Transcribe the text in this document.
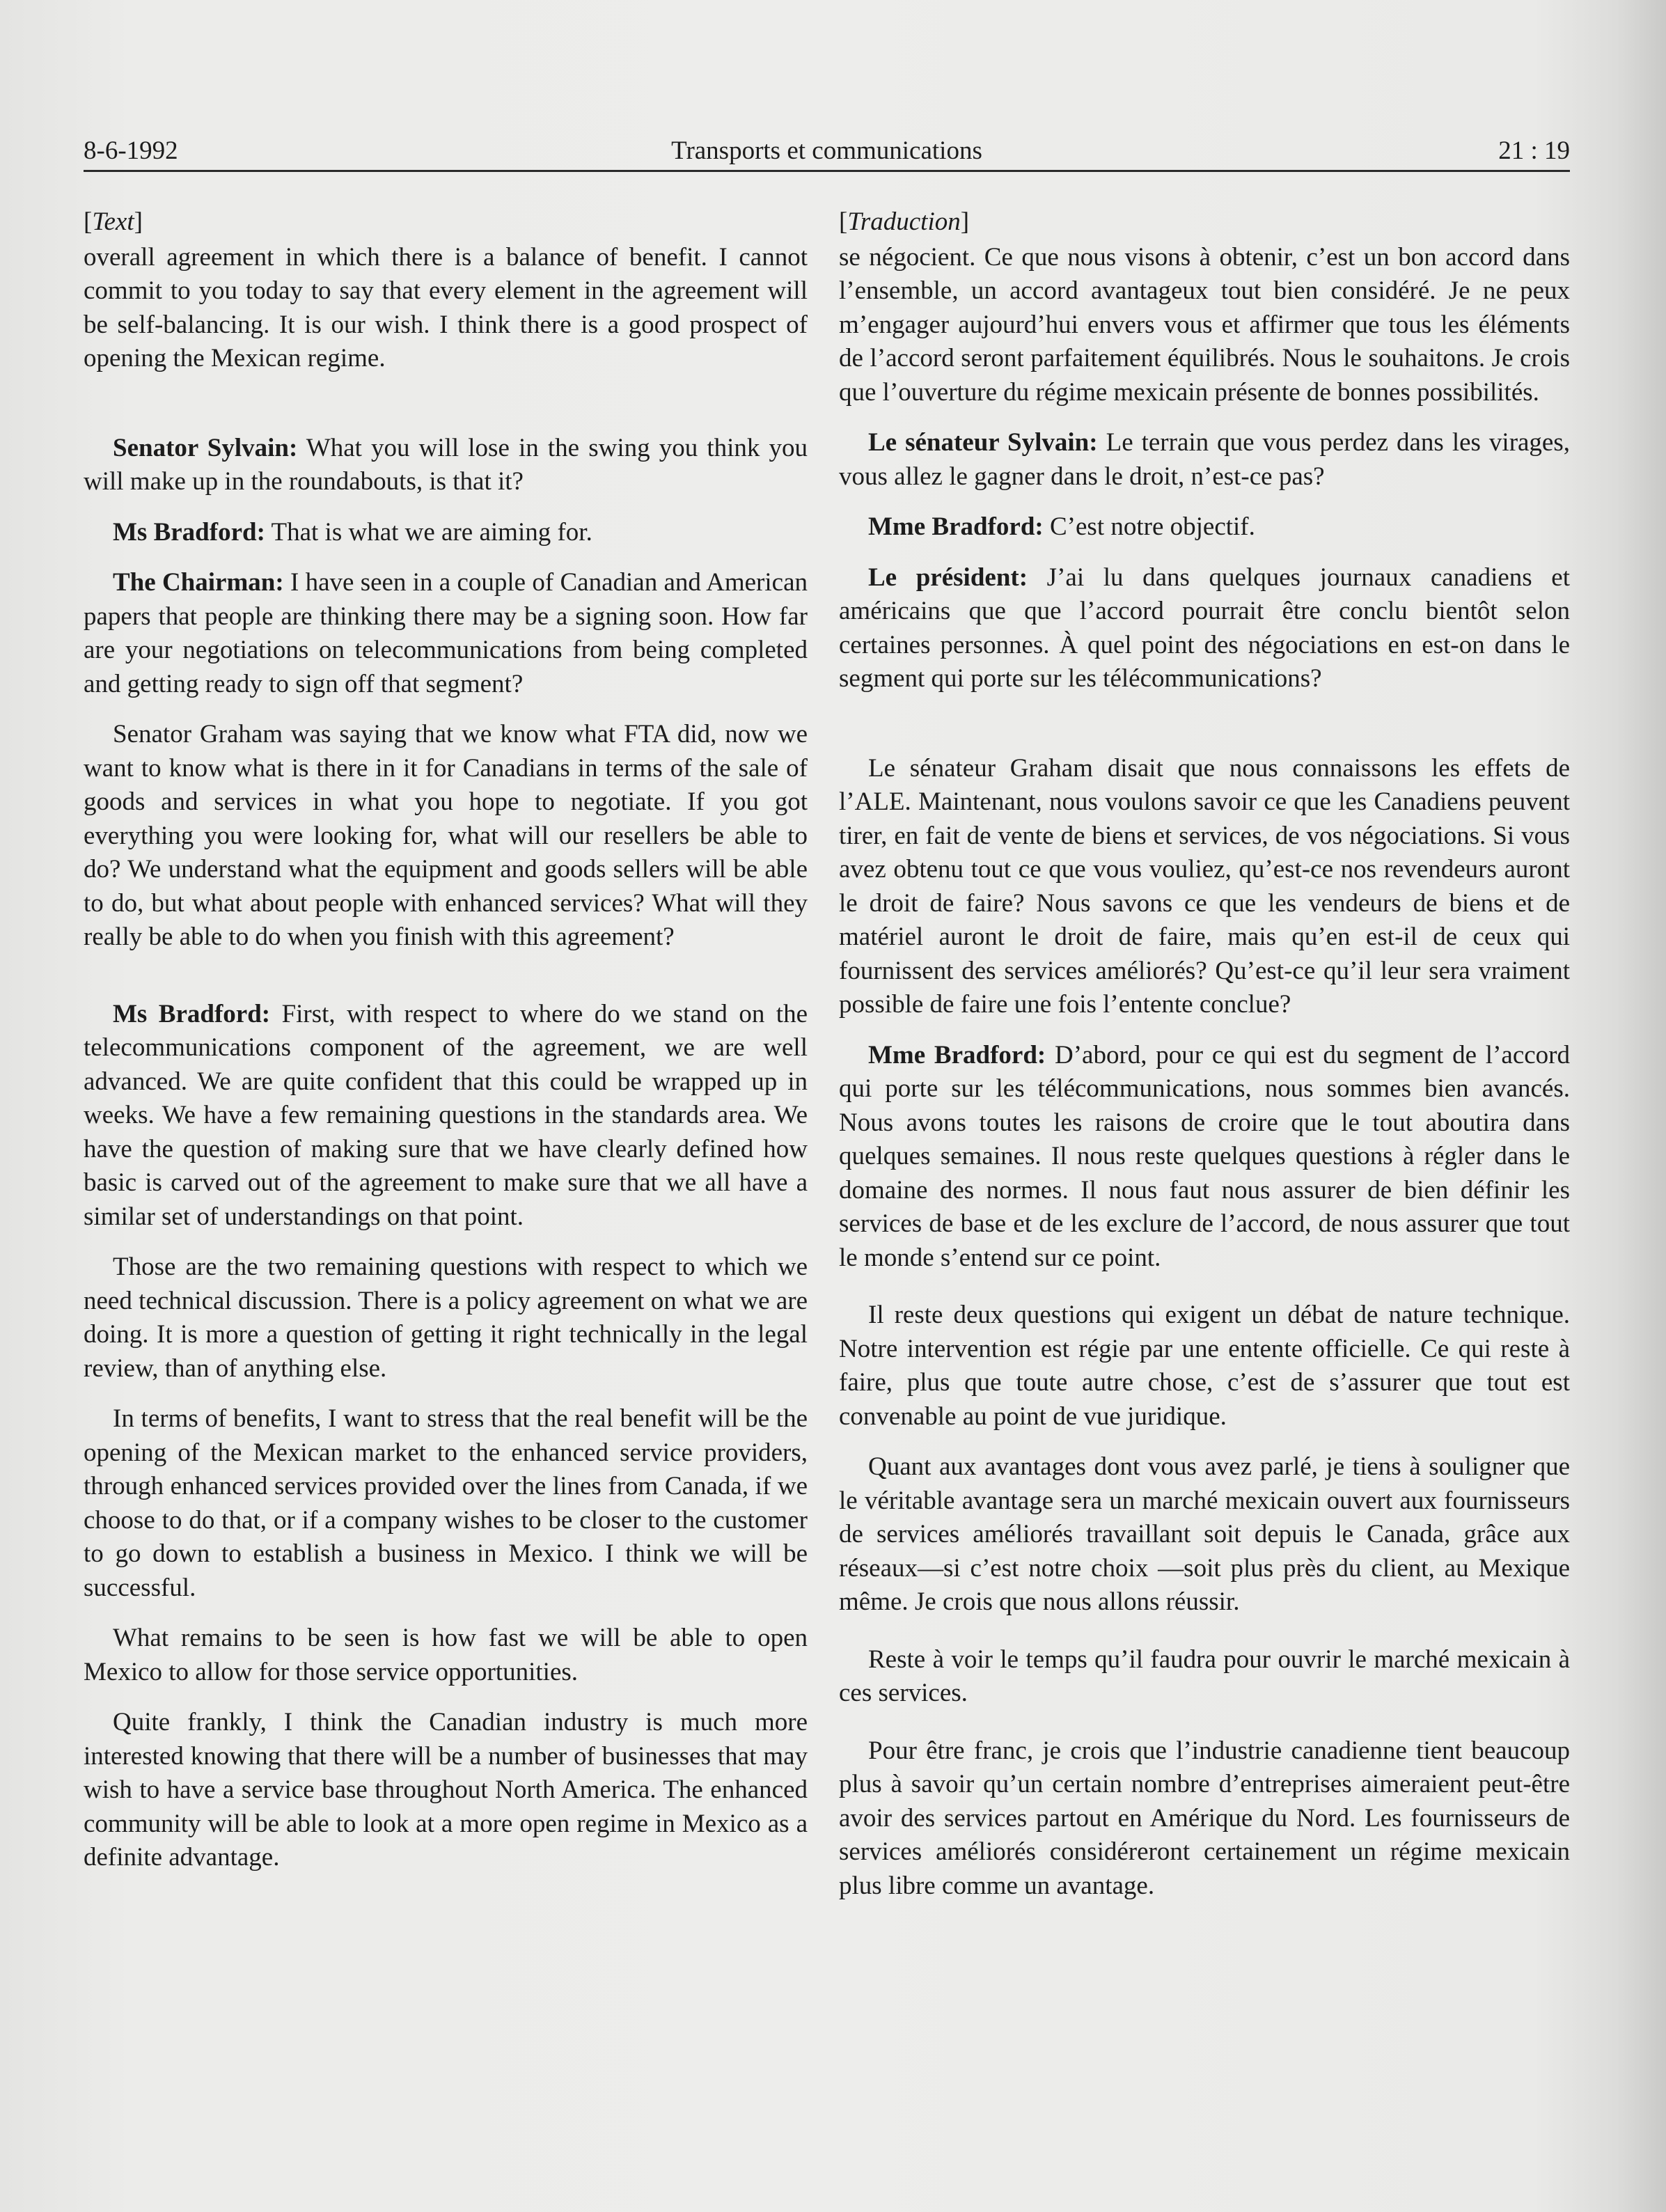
8-6-1992	Transports et communications	21 : 19

[Text]

overall agreement in which there is a balance of benefit. I cannot commit to you today to say that every element in the agreement will be self-balancing. It is our wish. I think there is a good prospect of opening the Mexican regime.

Senator Sylvain: What you will lose in the swing you think you will make up in the roundabouts, is that it?

Ms Bradford: That is what we are aiming for.

The Chairman: I have seen in a couple of Canadian and American papers that people are thinking there may be a signing soon. How far are your negotiations on telecommunications from being completed and getting ready to sign off that segment?

Senator Graham was saying that we know what FTA did, now we want to know what is there in it for Canadians in terms of the sale of goods and services in what you hope to negotiate. If you got everything you were looking for, what will our resellers be able to do? We understand what the equipment and goods sellers will be able to do, but what about people with enhanced services? What will they really be able to do when you finish with this agreement?

Ms Bradford: First, with respect to where do we stand on the telecommunications component of the agreement, we are well advanced. We are quite confident that this could be wrapped up in weeks. We have a few remaining questions in the standards area. We have the question of making sure that we have clearly defined how basic is carved out of the agreement to make sure that we all have a similar set of understandings on that point.

Those are the two remaining questions with respect to which we need technical discussion. There is a policy agreement on what we are doing. It is more a question of getting it right technically in the legal review, than of anything else.

In terms of benefits, I want to stress that the real benefit will be the opening of the Mexican market to the enhanced service providers, through enhanced services provided over the lines from Canada, if we choose to do that, or if a company wishes to be closer to the customer to go down to establish a business in Mexico. I think we will be successful.

What remains to be seen is how fast we will be able to open Mexico to allow for those service opportunities.

Quite frankly, I think the Canadian industry is much more interested knowing that there will be a number of businesses that may wish to have a service base throughout North America. The enhanced community will be able to look at a more open regime in Mexico as a definite advantage.

[Traduction]

se négocient. Ce que nous visons à obtenir, c’est un bon accord dans l’ensemble, un accord avantageux tout bien considéré. Je ne peux m’engager aujourd’hui envers vous et affirmer que tous les éléments de l’accord seront parfaitement équilibrés. Nous le souhaitons. Je crois que l’ouverture du régime mexicain présente de bonnes possibilités.

Le sénateur Sylvain: Le terrain que vous perdez dans les virages, vous allez le gagner dans le droit, n’est-ce pas?

Mme Bradford: C’est notre objectif.

Le président: J’ai lu dans quelques journaux canadiens et américains que que l’accord pourrait être conclu bientôt selon certaines personnes. À quel point des négociations en est-on dans le segment qui porte sur les télécommunications?

Le sénateur Graham disait que nous connaissons les effets de l’ALE. Maintenant, nous voulons savoir ce que les Canadiens peuvent tirer, en fait de vente de biens et services, de vos négociations. Si vous avez obtenu tout ce que vous vouliez, qu’est-ce nos revendeurs auront le droit de faire? Nous savons ce que les vendeurs de biens et de matériel auront le droit de faire, mais qu’en est-il de ceux qui fournissent des services améliorés? Qu’est-ce qu’il leur sera vraiment possible de faire une fois l’entente conclue?

Mme Bradford: D’abord, pour ce qui est du segment de l’accord qui porte sur les télécommunications, nous sommes bien avancés. Nous avons toutes les raisons de croire que le tout aboutira dans quelques semaines. Il nous reste quelques questions à régler dans le domaine des normes. Il nous faut nous assurer de bien définir les services de base et de les exclure de l’accord, de nous assurer que tout le monde s’entend sur ce point.

Il reste deux questions qui exigent un débat de nature technique. Notre intervention est régie par une entente officielle. Ce qui reste à faire, plus que toute autre chose, c’est de s’assurer que tout est convenable au point de vue juridique.

Quant aux avantages dont vous avez parlé, je tiens à souligner que le véritable avantage sera un marché mexicain ouvert aux fournisseurs de services améliorés travaillant soit depuis le Canada, grâce aux réseaux—si c’est notre choix —soit plus près du client, au Mexique même. Je crois que nous allons réussir.

Reste à voir le temps qu’il faudra pour ouvrir le marché mexicain à ces services.

Pour être franc, je crois que l’industrie canadienne tient beaucoup plus à savoir qu’un certain nombre d’entreprises aimeraient peut-être avoir des services partout en Amérique du Nord. Les fournisseurs de services améliorés considéreront certainement un régime mexicain plus libre comme un avantage.
